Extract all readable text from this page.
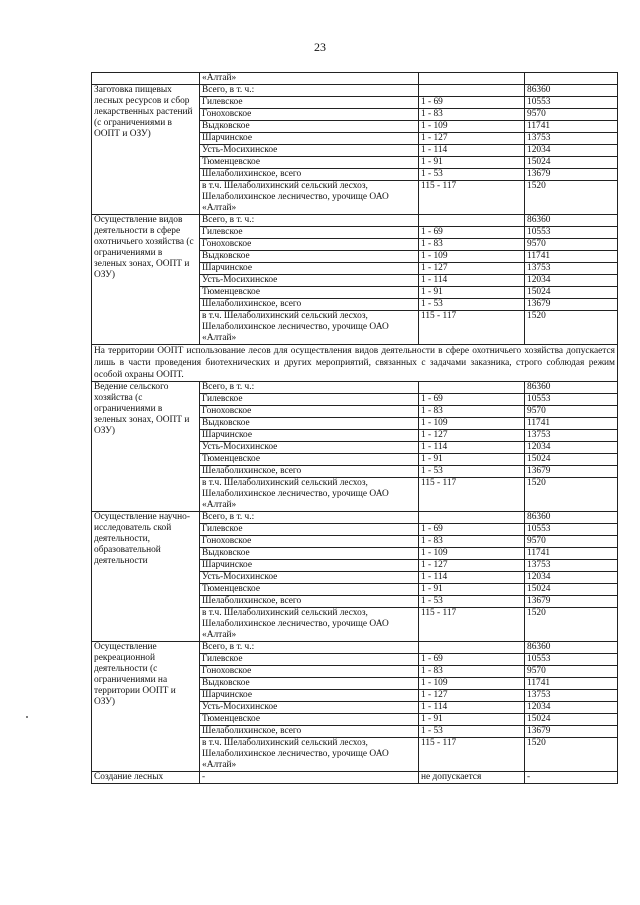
23
	«Алтай»		
Заготовка пищевых лесных ресурсов и сбор лекарственных растений (с ограничениями в ООПТ и ОЗУ)	Всего, в т. ч.:		86360
	Гилевское	1 - 69	10553
	Гоноховское	1 - 83	9570
	Выдковское	1 - 109	11741
	Шарчинское	1 - 127	13753
	Усть-Мосихинское	1 - 114	12034
	Тюменцевское	1 - 91	15024
	Шелаболихинское, всего	1 - 53	13679
	в т.ч. Шелаболихинский сельский лесхоз, Шелаболихинское лесничество, урочище ОАО «Алтай»	115 - 117	1520
Осуществление видов деятельности в сфере охотничьего хозяйства (с ограничениями в зеленых зонах, ООПТ и ОЗУ)	Всего, в т. ч.:		86360
	Гилевское	1 - 69	10553
	Гоноховское	1 - 83	9570
	Выдковское	1 - 109	11741
	Шарчинское	1 - 127	13753
	Усть-Мосихинское	1 - 114	12034
	Тюменцевское	1 - 91	15024
	Шелаболихинское, всего	1 - 53	13679
	в т.ч. Шелаболихинский сельский лесхоз, Шелаболихинское лесничество, урочище ОАО «Алтай»	115 - 117	1520
На территории ООПТ использование лесов для осуществления видов деятельности в сфере охотничьего хозяйства допускается лишь в части проведения биотехнических и других мероприятий, связанных с задачами заказника, строго соблюдая режим особой охраны ООПТ.			
Ведение сельского хозяйства (с ограничениями в зеленых зонах, ООПТ и ОЗУ)	Всего, в т. ч.:		86360
	Гилевское	1 - 69	10553
	Гоноховское	1 - 83	9570
	Выдковское	1 - 109	11741
	Шарчинское	1 - 127	13753
	Усть-Мосихинское	1 - 114	12034
	Тюменцевское	1 - 91	15024
	Шелаболихинское, всего	1 - 53	13679
	в т.ч. Шелаболихинский сельский лесхоз, Шелаболихинское лесничество, урочище ОАО «Алтай»	115 - 117	1520
Осуществление научно-исследователь ской деятельности, образовательной деятельности	Всего, в т. ч.:		86360
	Гилевское	1 - 69	10553
	Гоноховское	1 - 83	9570
	Выдковское	1 - 109	11741
	Шарчинское	1 - 127	13753
	Усть-Мосихинское	1 - 114	12034
	Тюменцевское	1 - 91	15024
	Шелаболихинское, всего	1 - 53	13679
	в т.ч. Шелаболихинский сельский лесхоз, Шелаболихинское лесничество, урочище ОАО «Алтай»	115 - 117	1520
Осуществление рекреационной деятельности (с ограничениями на территории ООПТ и ОЗУ)	Всего, в т. ч.:		86360
	Гилевское	1 - 69	10553
	Гоноховское	1 - 83	9570
	Выдковское	1 - 109	11741
	Шарчинское	1 - 127	13753
	Усть-Мосихинское	1 - 114	12034
	Тюменцевское	1 - 91	15024
	Шелаболихинское, всего	1 - 53	13679
	в т.ч. Шелаболихинский сельский лесхоз, Шелаболихинское лесничество, урочище ОАО «Алтай»	115 - 117	1520
Создание лесных	-	не допускается	-
